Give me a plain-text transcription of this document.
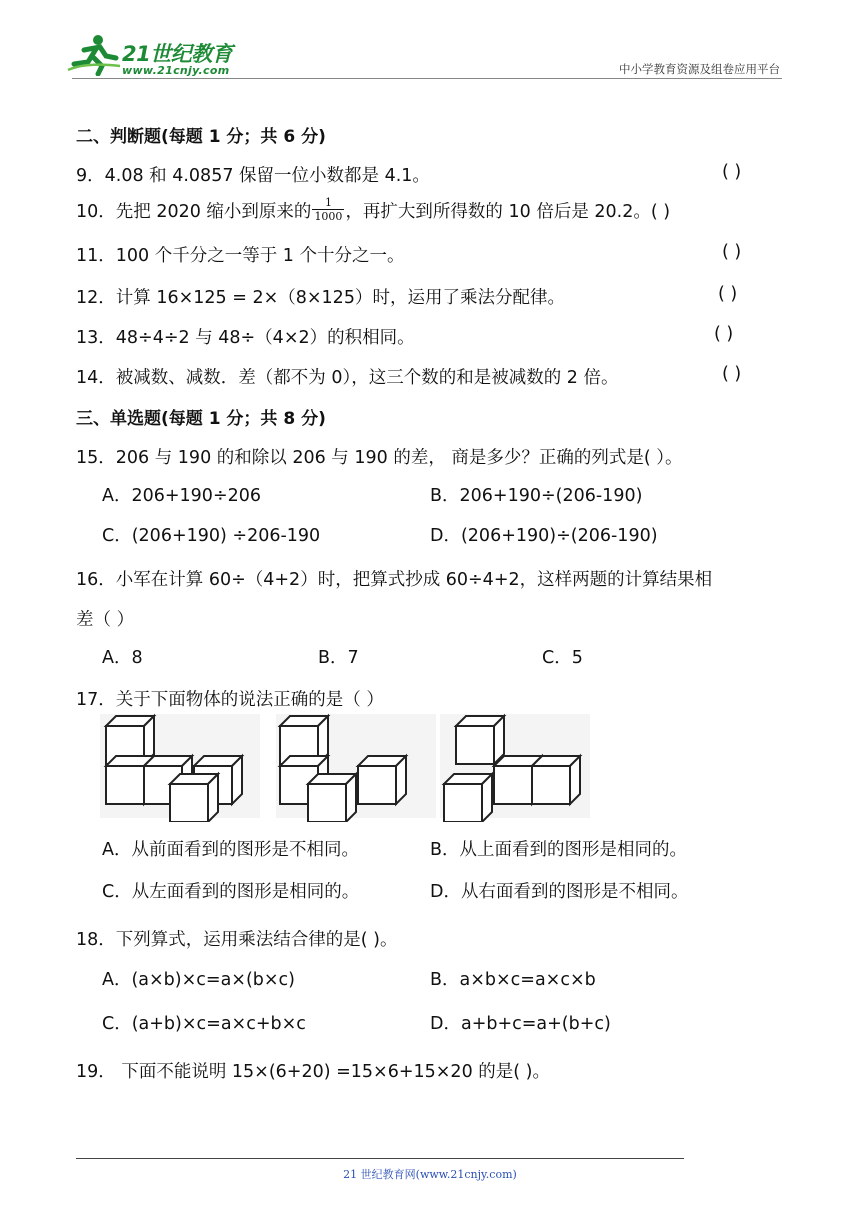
21世纪教育
www.21cnjy.com	中小学教育资源及组卷应用平台
二、判断题(每题 1 分；共 6 分)
9．4.08 和 4.0857 保留一位小数都是 4.1。	( )
10．先把 2020 缩小到原来的 $\frac{1}{1000}$ ，再扩大到所得数的 10 倍后是 20.2。( )
11．100 个千分之一等于 1 个十分之一。	( )
12．计算 16×125 = 2×（8×125）时，运用了乘法分配律。	( )
13．48÷4÷2 与 48÷（4×2）的积相同。	( )
14．被减数、减数．差（都不为 0），这三个数的和是被减数的 2 倍。	( )
三、单选题(每题 1 分；共 8 分)
15．206 与 190 的和除以 206 与 190 的差， 商是多少？正确的列式是( ）。
A．206+190÷206	B．206+190÷(206-190)
C．(206+190) ÷206-190	D．(206+190)÷(206-190)
16．小军在计算 60÷（4+2）时，把算式抄成 60÷4+2，这样两题的计算结果相
差（ ）
A．8	B．7	C．5
17．关于下面物体的说法正确的是（ ）
A．从前面看到的图形是不相同。	B．从上面看到的图形是相同的。
C．从左面看到的图形是相同的。	D．从右面看到的图形是不相同。
18．下列算式，运用乘法结合律的是( )。
A．(a×b)×c=a×(b×c)	B．a×b×c=a×c×b
C．(a+b)×c=a×c+b×c	D．a+b+c=a+(b+c)
19． 下面不能说明 15×(6+20) =15×6+15×20 的是( )。
21 世纪教育网(www.21cnjy.com)
